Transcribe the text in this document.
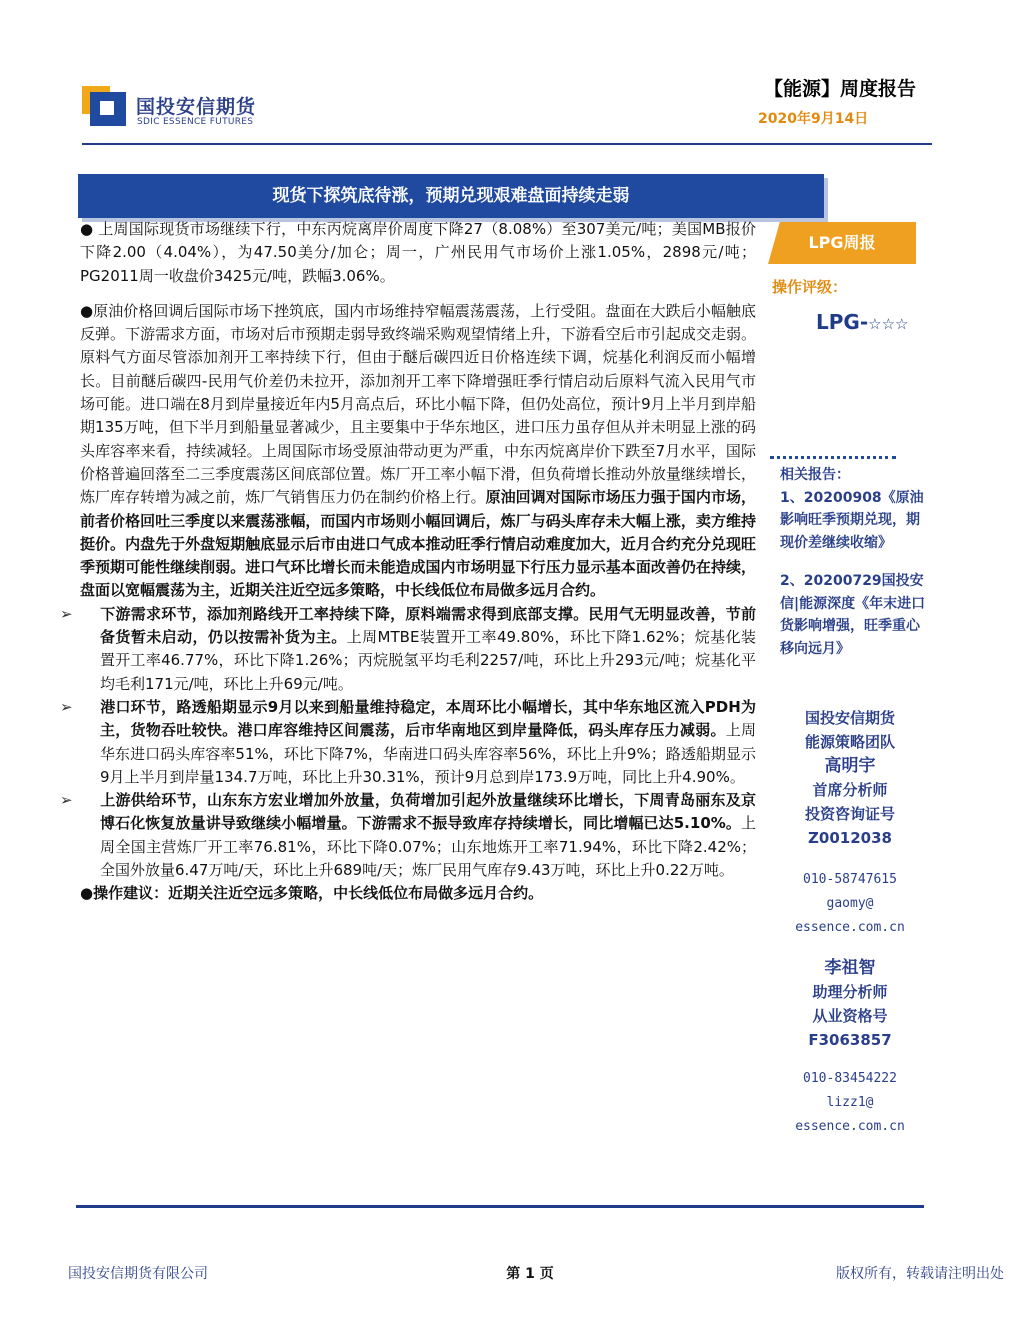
国投安信期货
SDIC ESSENCE FUTURES
【能源】周度报告
2020年9月14日
现货下探筑底待涨，预期兑现艰难盘面持续走弱
LPG周报
操作评级：
LPG-☆☆☆

相关报告：

1、20200908《原油影响旺季预期兑现，期现价差继续收缩》

2、20200729国投安信|能源深度《年末进口货影响增强，旺季重心移向远月》

国投安信期货

能源策略团队

高明宇

首席分析师

投资咨询证号

Z0012038

010-58747615

gaomy@

essence.com.cn

李祖智

助理分析师

从业资格号

F3063857

010-83454222

lizz1@

essence.com.cn

● 上周国际现货市场继续下行，中东丙烷离岸价周度下降27（8.08%）至307美元/吨；美国MB报价下降2.00（4.04%），为47.50美分/加仑；周一，广州民用气市场价上涨1.05%，2898元/吨；PG2011周一收盘价3425元/吨，跌幅3.06%。

●原油价格回调后国际市场下挫筑底，国内市场维持窄幅震荡震荡，上行受阻。盘面在大跌后小幅触底反弹。下游需求方面，市场对后市预期走弱导致终端采购观望情绪上升，下游看空后市引起成交走弱。原料气方面尽管添加剂开工率持续下行，但由于醚后碳四近日价格连续下调，烷基化利润反而小幅增长。目前醚后碳四-民用气价差仍未拉开，添加剂开工率下降增强旺季行情启动后原料气流入民用气市场可能。进口端在8月到岸量接近年内5月高点后，环比小幅下降，但仍处高位，预计9月上半月到岸船期135万吨，但下半月到船量显著减少，且主要集中于华东地区，进口压力虽存但从并未明显上涨的码头库容率来看，持续减轻。上周国际市场受原油带动更为严重，中东丙烷离岸价下跌至7月水平，国际价格普遍回落至二三季度震荡区间底部位置。炼厂开工率小幅下滑，但负荷增长推动外放量继续增长，炼厂库存转增为减之前，炼厂气销售压力仍在制约价格上行。原油回调对国际市场压力强于国内市场，前者价格回吐三季度以来震荡涨幅，而国内市场则小幅回调后，炼厂与码头库存未大幅上涨，卖方维持挺价。内盘先于外盘短期触底显示后市由进口气成本推动旺季行情启动难度加大，近月合约充分兑现旺季预期可能性继续削弱。进口气环比增长而未能造成国内市场明显下行压力显示基本面改善仍在持续，盘面以宽幅震荡为主，近期关注近空远多策略，中长线低位布局做多远月合约。

➢ 下游需求环节，添加剂路线开工率持续下降，原料端需求得到底部支撑。民用气无明显改善，节前备货暂未启动，仍以按需补货为主。上周MTBE装置开工率49.80%，环比下降1.62%；烷基化装置开工率46.77%，环比下降1.26%；丙烷脱氢平均毛利2257/吨，环比上升293元/吨；烷基化平均毛利171元/吨，环比上升69元/吨。

➢ 港口环节，路透船期显示9月以来到船量维持稳定，本周环比小幅增长，其中华东地区流入PDH为主，货物吞吐较快。港口库容维持区间震荡，后市华南地区到岸量降低，码头库存压力减弱。上周华东进口码头库容率51%，环比下降7%，华南进口码头库容率56%，环比上升9%；路透船期显示9月上半月到岸量134.7万吨，环比上升30.31%，预计9月总到岸173.9万吨，同比上升4.90%。

➢ 上游供给环节，山东东方宏业增加外放量，负荷增加引起外放量继续环比增长，下周青岛丽东及京博石化恢复放量讲导致继续小幅增量。下游需求不振导致库存持续增长，同比增幅已达5.10%。上周全国主营炼厂开工率76.81%，环比下降0.07%；山东地炼开工率71.94%，环比下降2.42%；全国外放量6.47万吨/天，环比上升689吨/天；炼厂民用气库存9.43万吨，环比上升0.22万吨。

●操作建议：近期关注近空远多策略，中长线低位布局做多远月合约。

国投安信期货有限公司	第 1 页	版权所有，转载请注明出处
